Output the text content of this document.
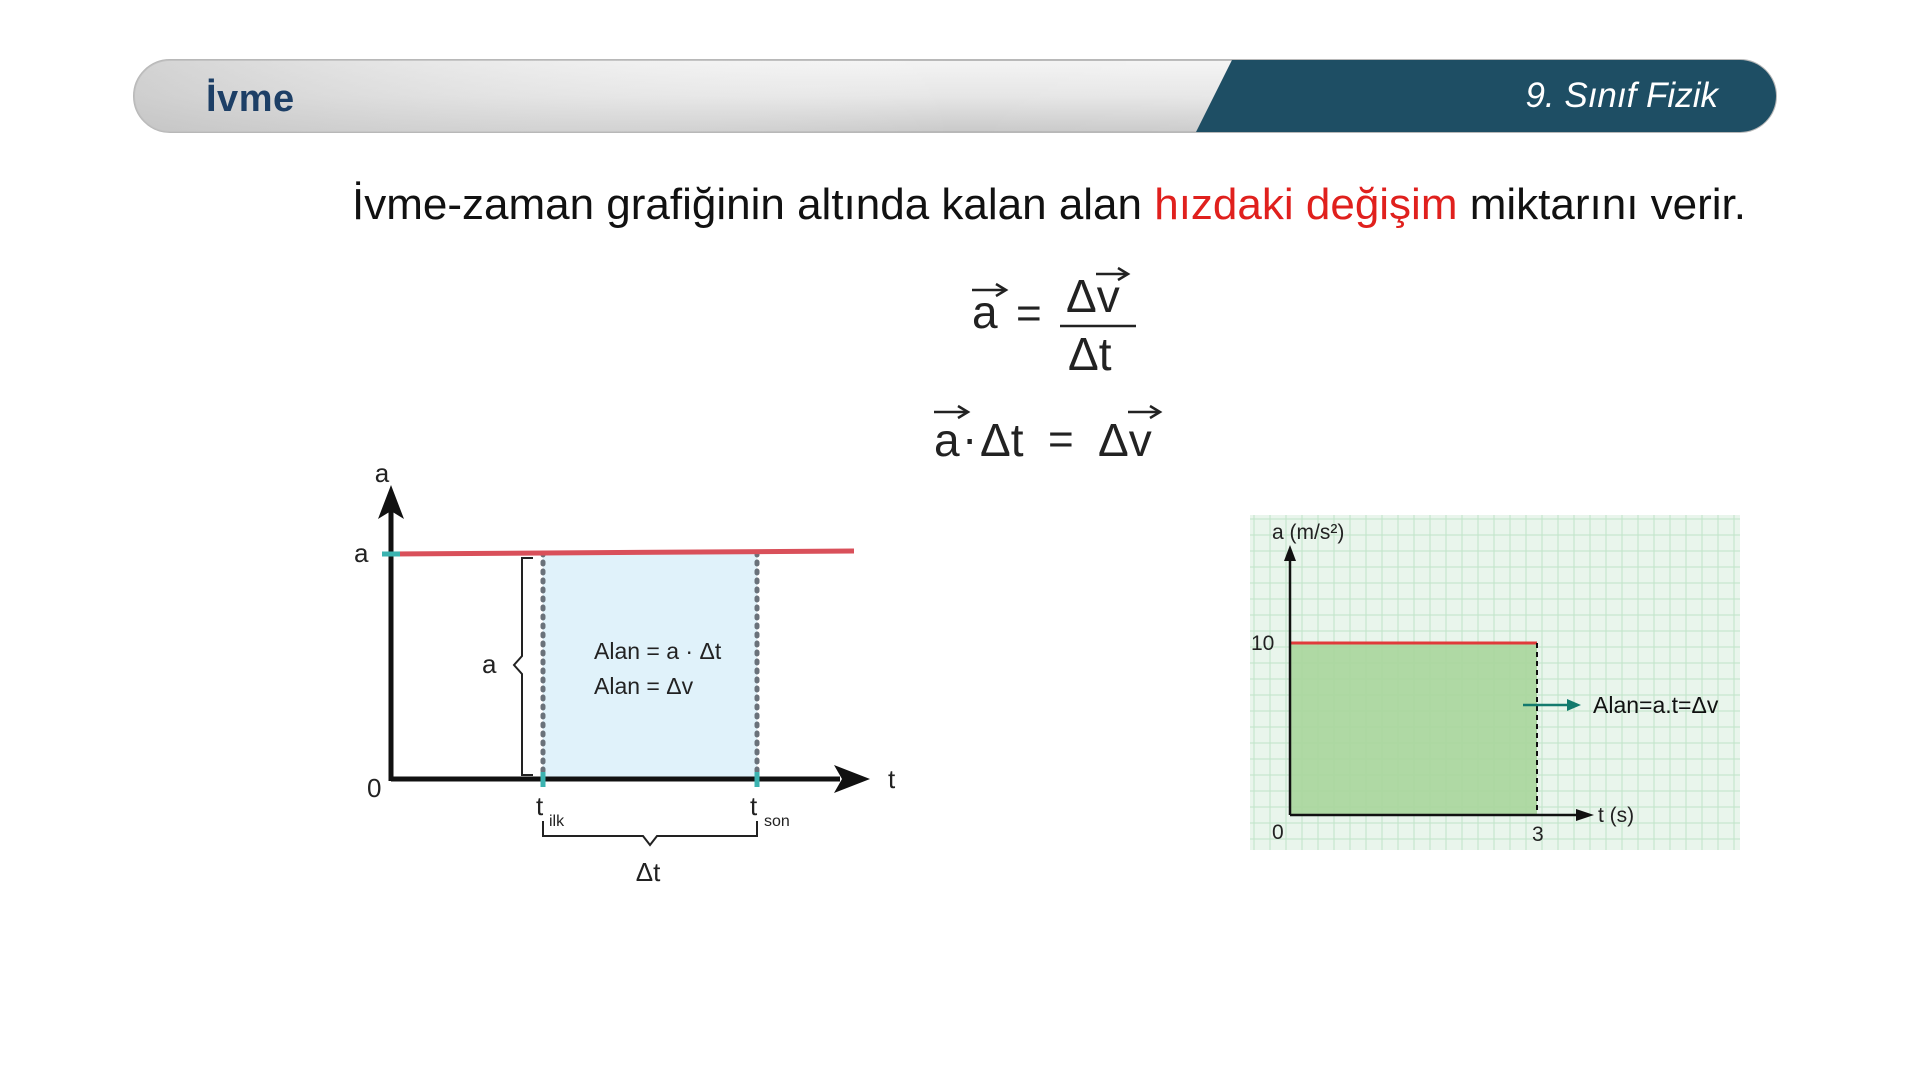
İvme	9. Sınıf Fizik
İvme-zaman grafiğinin altında kalan alan hızdaki değişim miktarını verir.
a = Δv
Δt
a · Δt = Δv
a
t
0
a
a
t
ilk
t
son
Δt
Alan = a · Δt
Alan = Δv
a (m/s²)
t (s)
0
10
3
Alan=a.t=Δv
